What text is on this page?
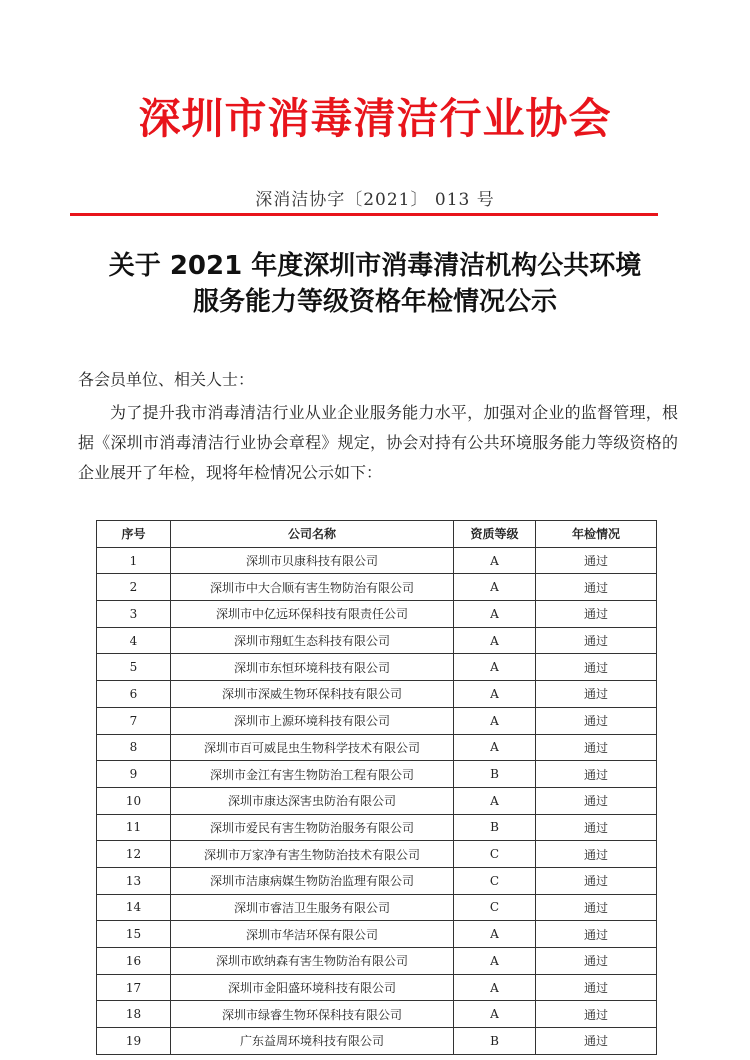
深圳市消毒清洁行业协会
深消洁协字〔2021〕 013 号
关于 2021 年度深圳市消毒清洁机构公共环境
服务能力等级资格年检情况公示
各会员单位、相关人士：
为了提升我市消毒清洁行业从业企业服务能力水平，加强对企业的监督管理，根据《深圳市消毒清洁行业协会章程》规定，协会对持有公共环境服务能力等级资格的企业展开了年检，现将年检情况公示如下：
序号	公司名称	资质等级	年检情况
1	深圳市贝康科技有限公司	A	通过
2	深圳市中大合顺有害生物防治有限公司	A	通过
3	深圳市中亿远环保科技有限责任公司	A	通过
4	深圳市翔虹生态科技有限公司	A	通过
5	深圳市东恒环境科技有限公司	A	通过
6	深圳市深威生物环保科技有限公司	A	通过
7	深圳市上源环境科技有限公司	A	通过
8	深圳市百可威昆虫生物科学技术有限公司	A	通过
9	深圳市金江有害生物防治工程有限公司	B	通过
10	深圳市康达深害虫防治有限公司	A	通过
11	深圳市爱民有害生物防治服务有限公司	B	通过
12	深圳市万家净有害生物防治技术有限公司	C	通过
13	深圳市洁康病媒生物防治监理有限公司	C	通过
14	深圳市睿洁卫生服务有限公司	C	通过
15	深圳市华洁环保有限公司	A	通过
16	深圳市欧纳森有害生物防治有限公司	A	通过
17	深圳市金阳盛环境科技有限公司	A	通过
18	深圳市绿睿生物环保科技有限公司	A	通过
19	广东益周环境科技有限公司	B	通过
